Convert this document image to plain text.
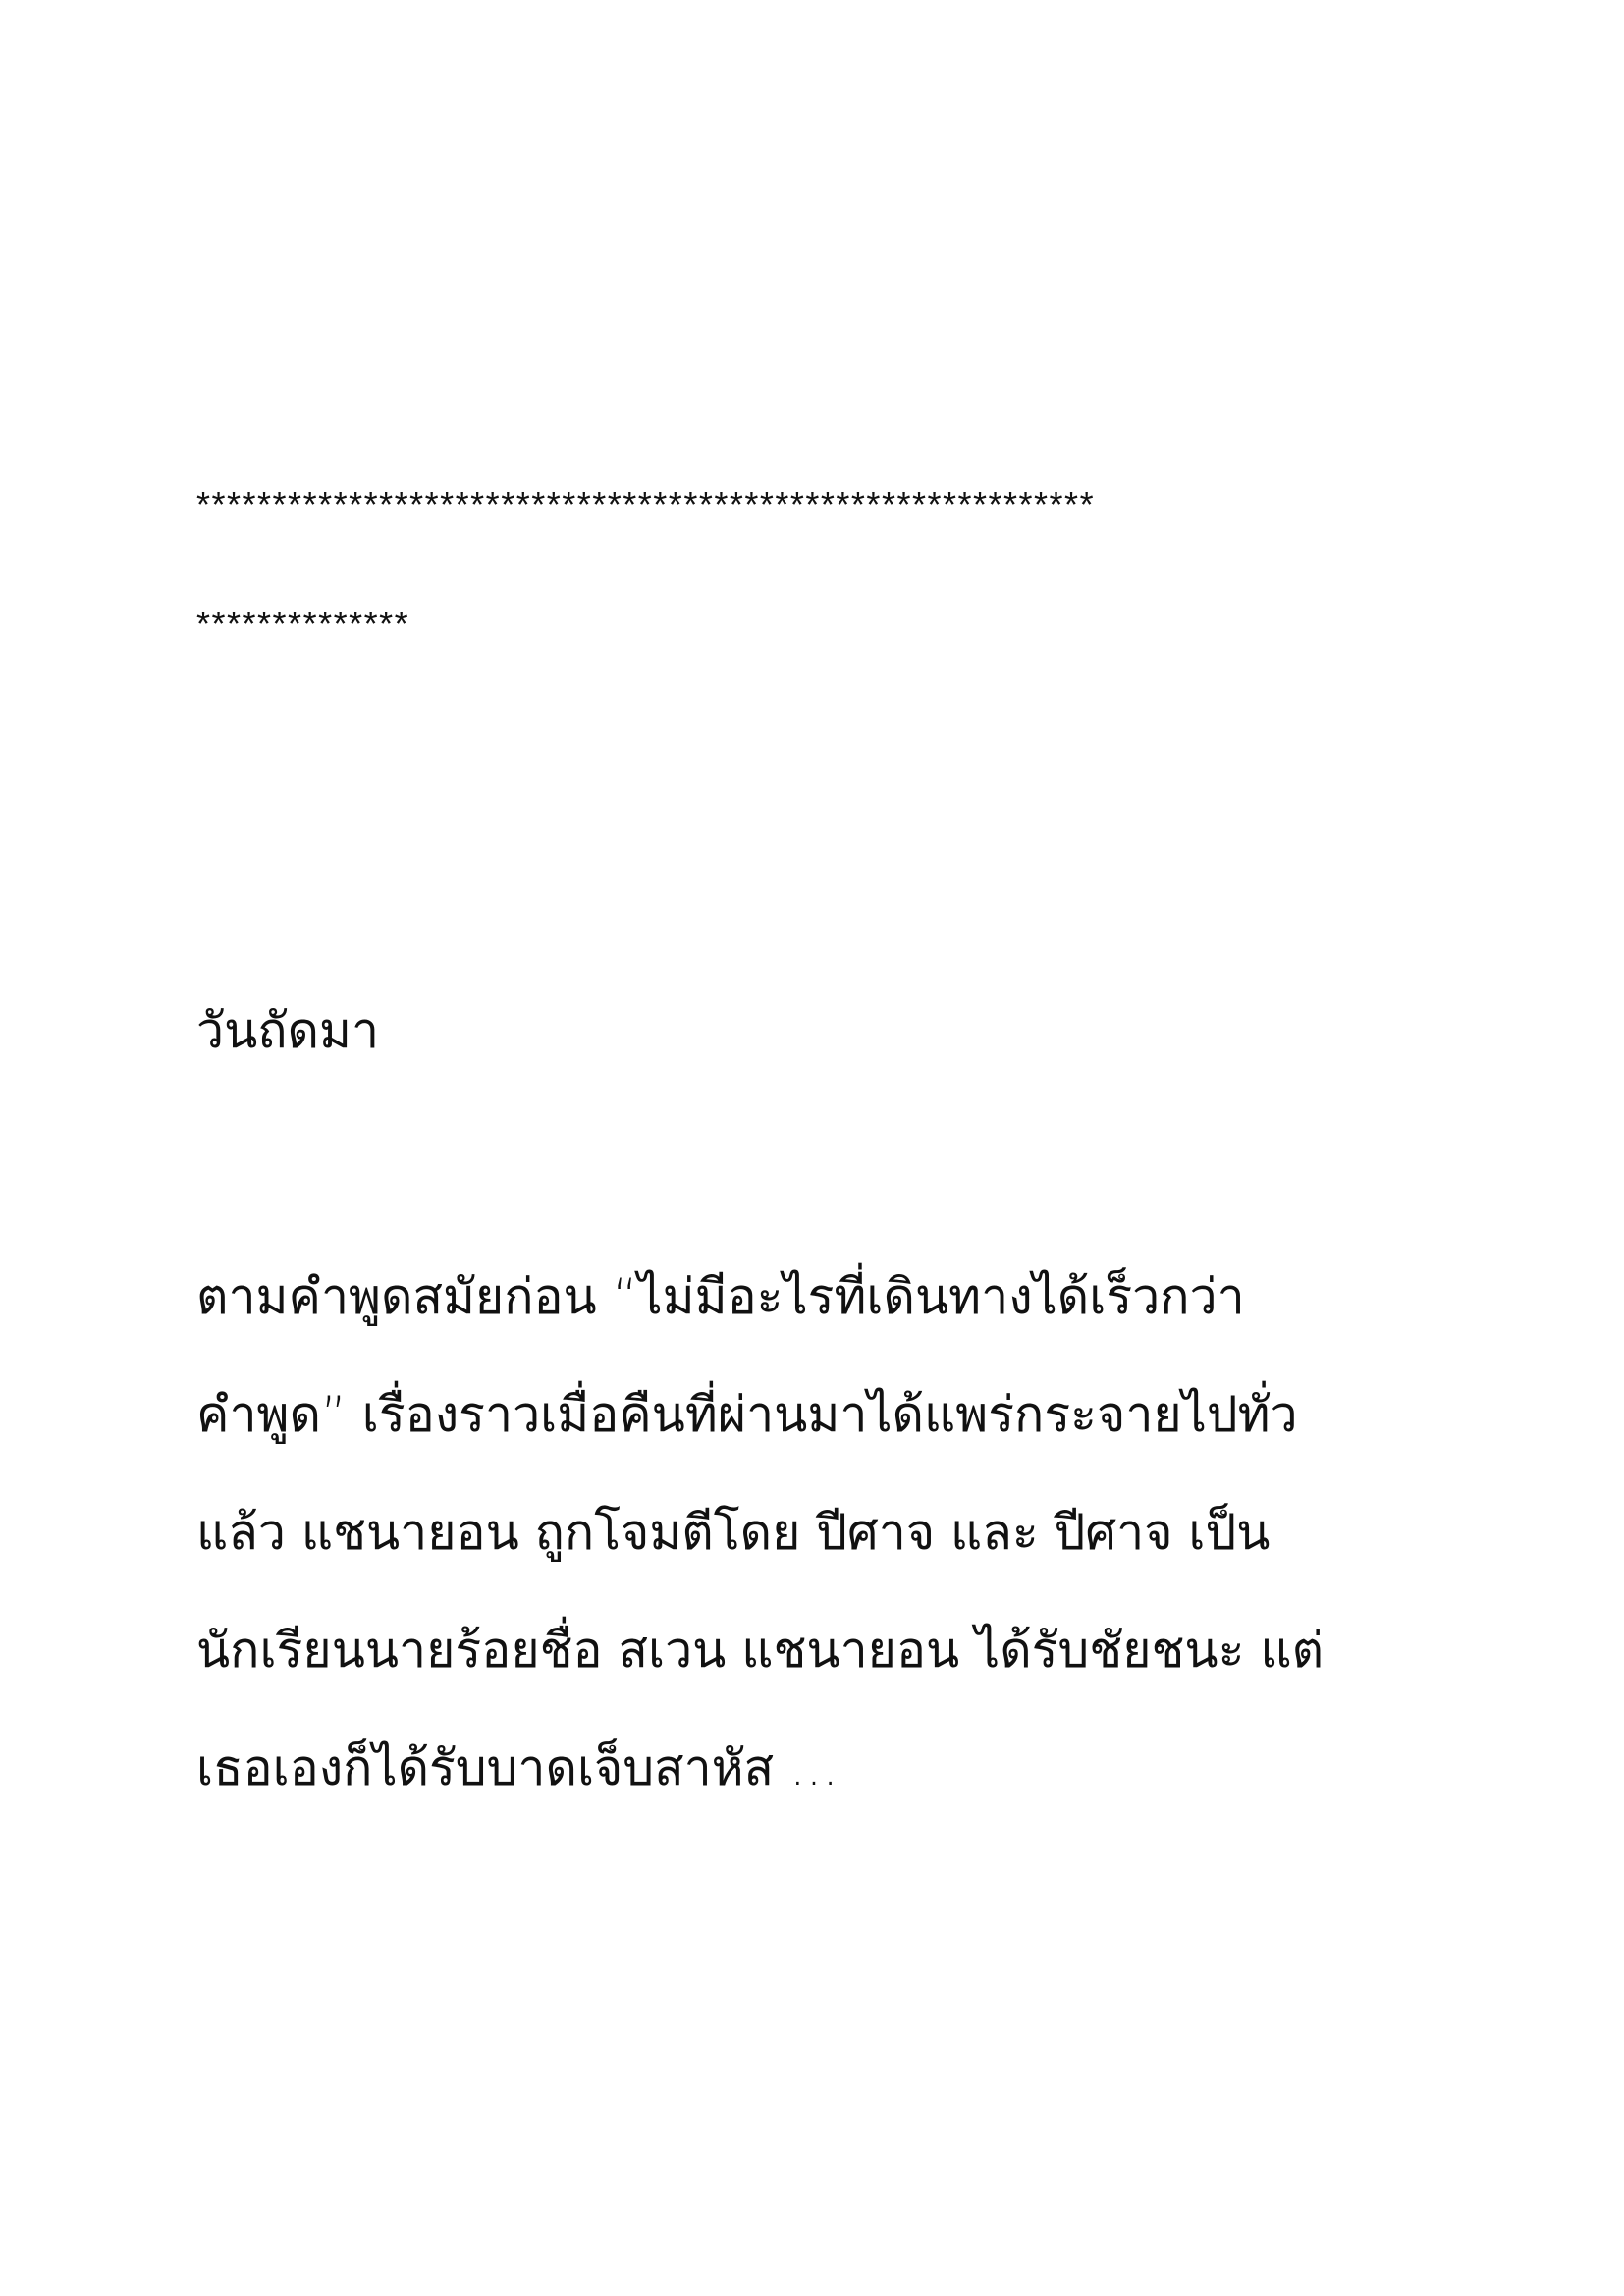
***********************************************************
**************
วันถัดมา
ตามคำพูดสมัยก่อน “ไม่มีอะไรที่เดินทางได้เร็วกว่า
คำพูด” เรื่องราวเมื่อคืนที่ผ่านมาได้แพร่กระจายไปทั่ว
แล้ว แชนายอน ถูกโจมตีโดย ปีศาจ และ ปีศาจ เป็น
นักเรียนนายร้อยชื่อ สเวน แชนายอน ได้รับชัยชนะ แต่
เธอเองก็ได้รับบาดเจ็บสาหัส …
